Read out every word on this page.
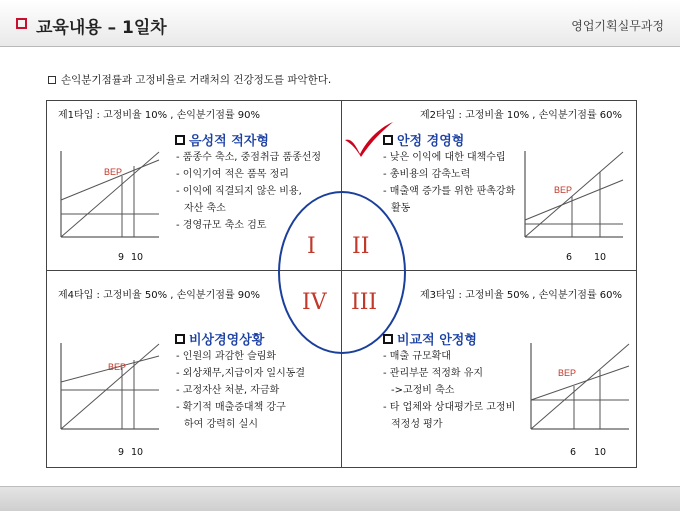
교육내용 – 1일차	영업기획실무과정
손익분기점률과 고정비율로 거래처의 건강정도를 파악한다.
I II
IV III
제1타입 : 고정비율 10% , 손익분기점률 90%
음성적 적자형
- 품종수 축소, 중점취급 품종선정
- 이익기여 적은 품목 정리
- 이익에 직결되지 않은 비용,
자산 축소
- 경영규모 축소 검토
BEP
9 10
제2타입 : 고정비율 10% , 손익분기점률 60%
안정 경영형
- 낮은 이익에 대한 대책수립
- 총비용의 감축노력
- 매출액 증가를 위한 판촉강화
활동
BEP
6 10
제4타입 : 고정비율 50% , 손익분기점률 90%
비상경영상황
- 인원의 과감한 슬림화
- 외상채무,지급이자 일시동결
- 고정자산 처분, 자금화
- 확기적 매출증대책 강구
하여 강력히 실시
BEP
9 10
제3타입 : 고정비율 50% , 손익분기점률 60%
비교적 안정형
- 매출 규모확대
- 관리부문 적정화 유지
->고정비 축소
- 타 업체와 상대평가로 고정비
적정성 평가
BEP
6 10
